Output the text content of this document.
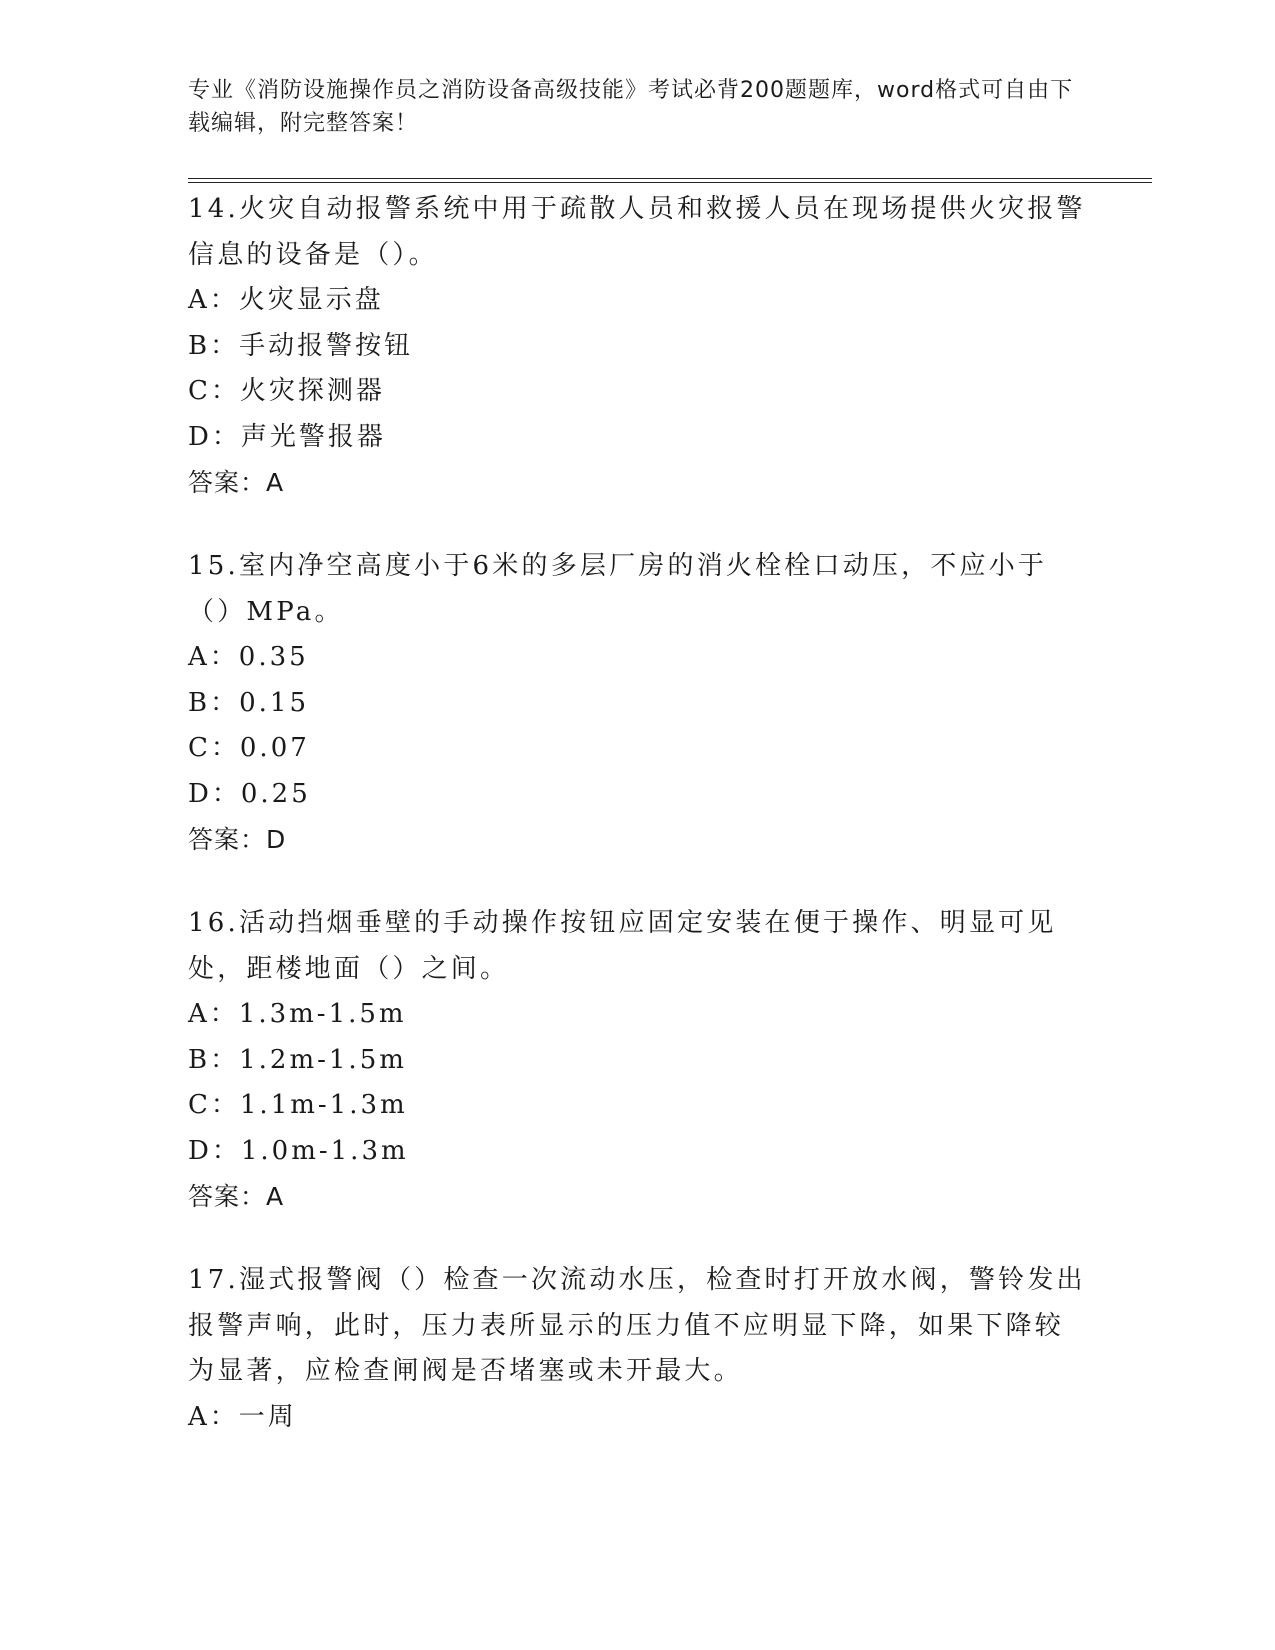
专业《消防设施操作员之消防设备高级技能》考试必背200题题库，word格式可自由下载编辑，附完整答案！

14.火灾自动报警系统中用于疏散人员和救援人员在现场提供火灾报警信息的设备是（）。

A：火灾显示盘

B：手动报警按钮

C：火灾探测器

D：声光警报器

答案：A

15.室内净空高度小于6米的多层厂房的消火栓栓口动压，不应小于（）MPa。

A：0.35

B：0.15

C：0.07

D：0.25

答案：D

16.活动挡烟垂壁的手动操作按钮应固定安装在便于操作、明显可见处，距楼地面（）之间。

A：1.3m-1.5m

B：1.2m-1.5m

C：1.1m-1.3m

D：1.0m-1.3m

答案：A

17.湿式报警阀（）检查一次流动水压，检查时打开放水阀，警铃发出报警声响，此时，压力表所显示的压力值不应明显下降，如果下降较为显著，应检查闸阀是否堵塞或未开最大。

A：一周
